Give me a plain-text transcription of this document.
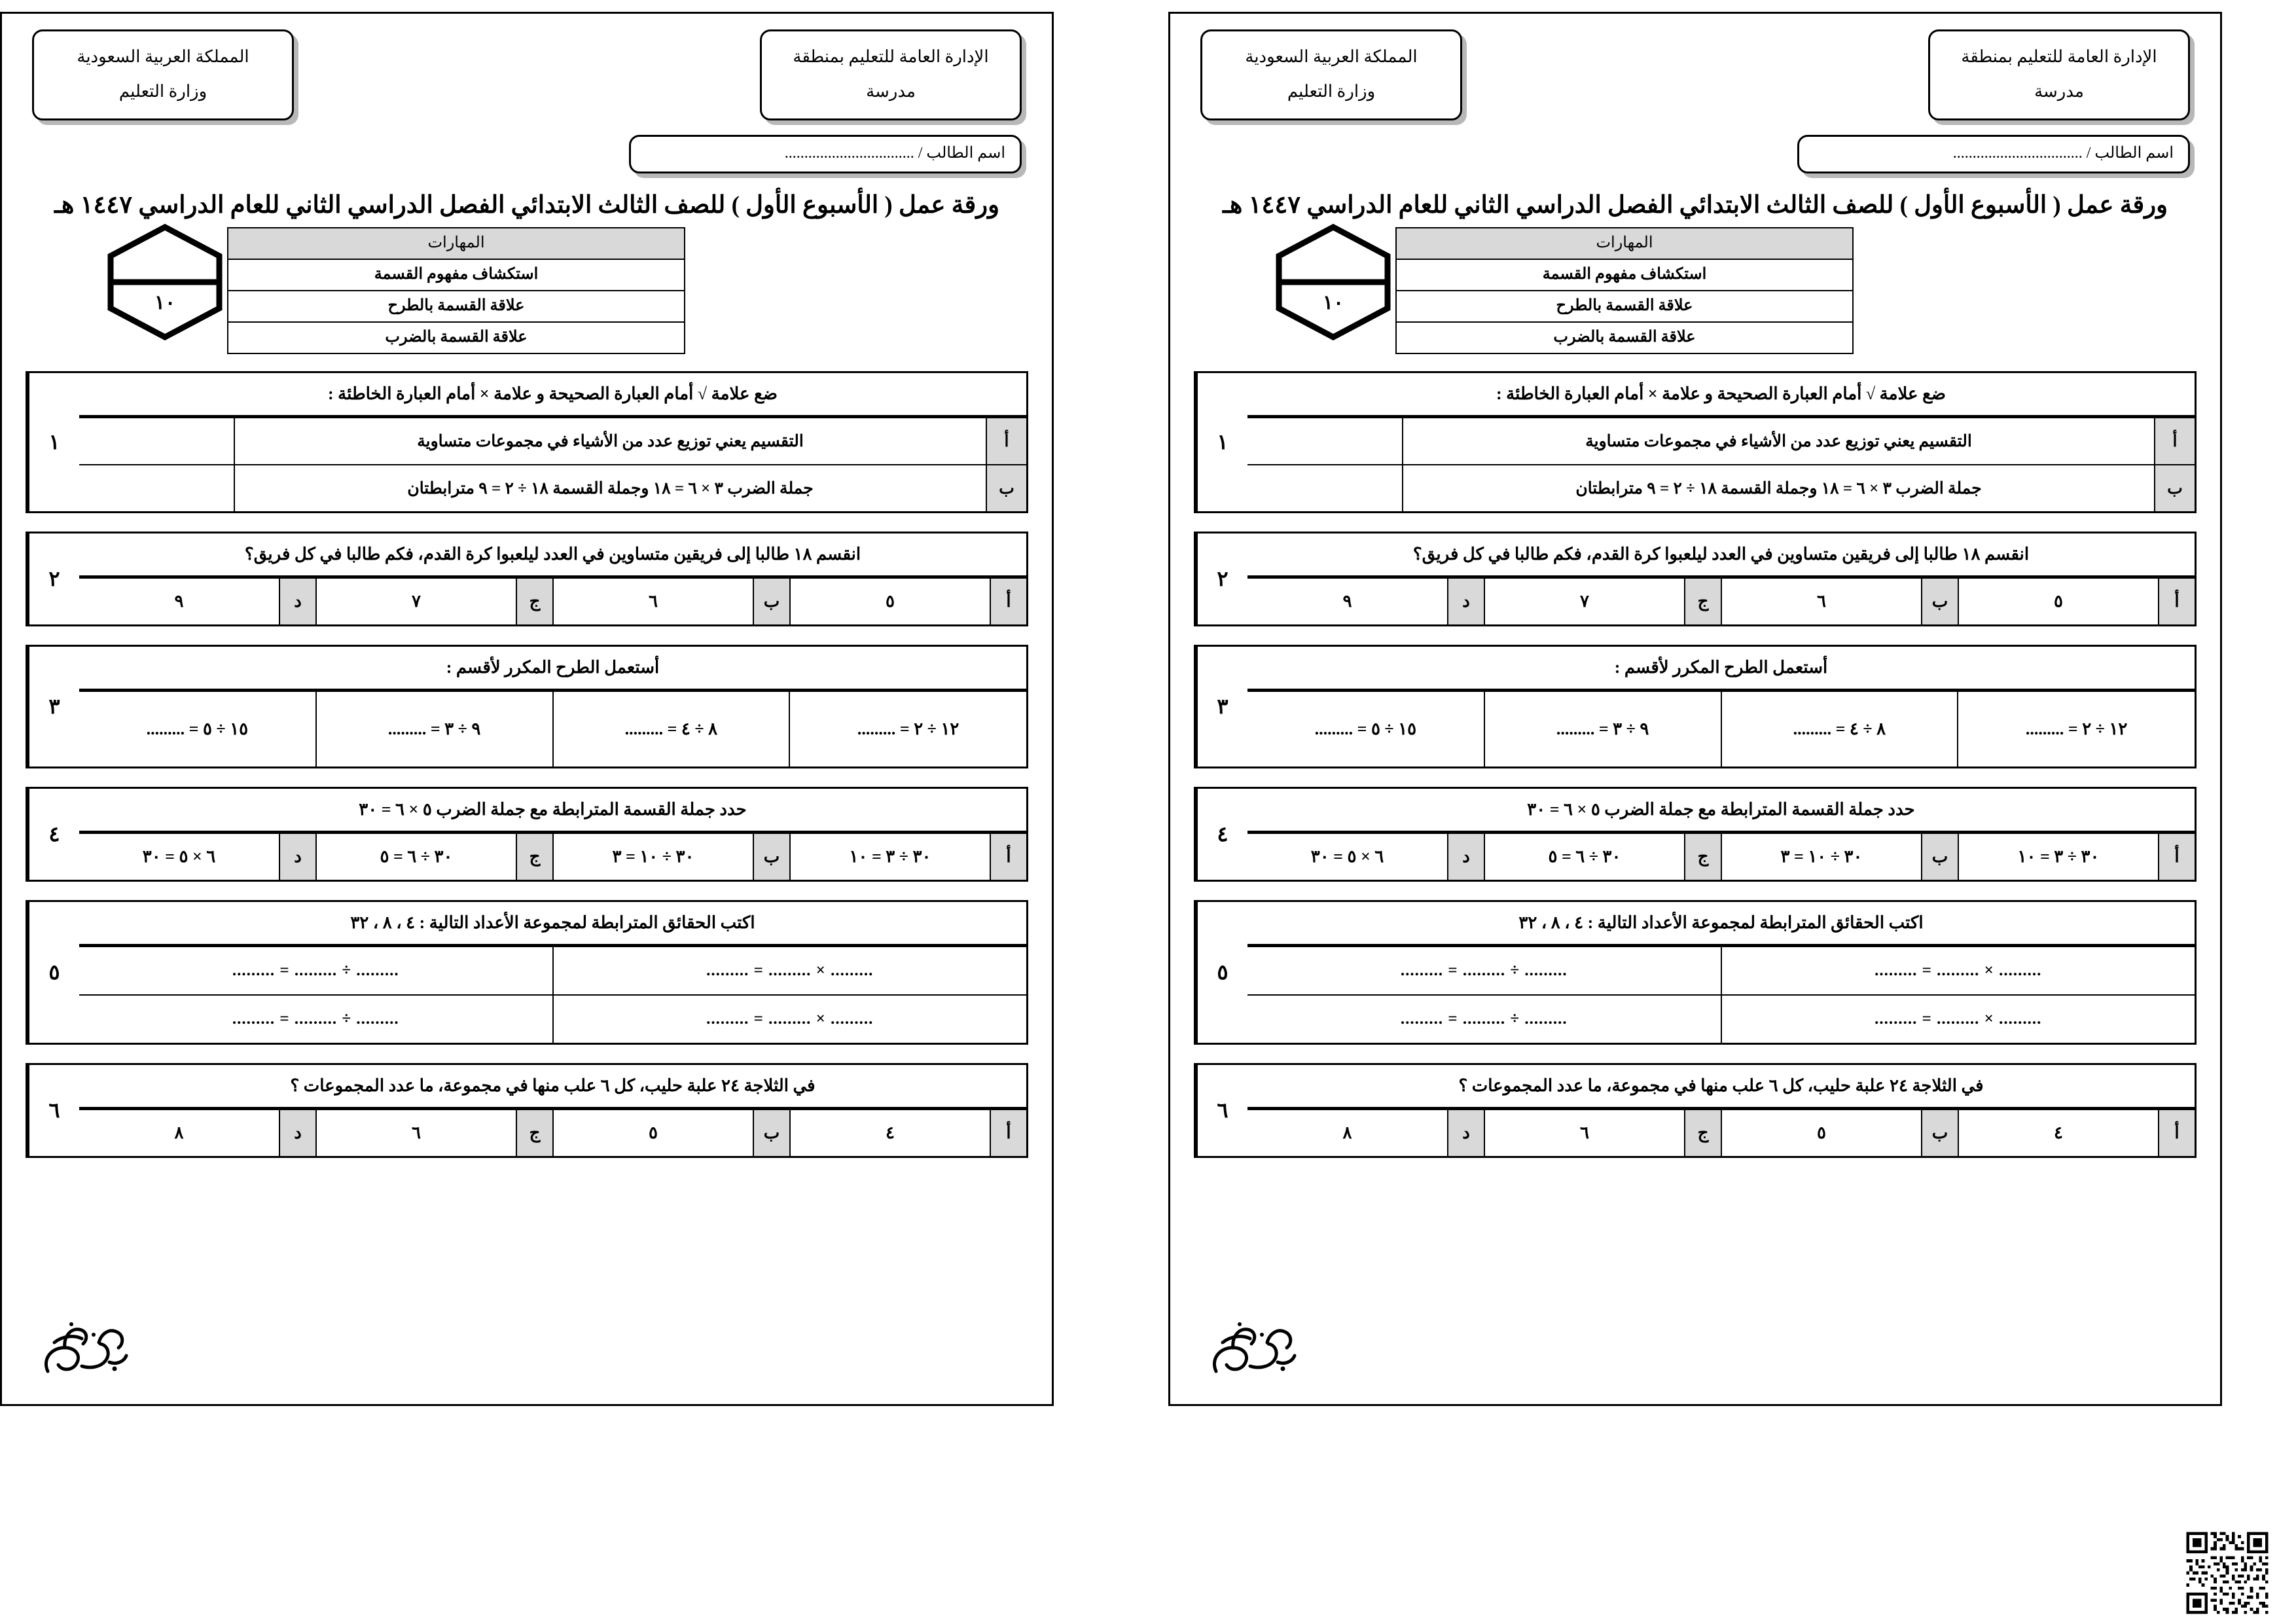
الإدارة العامة للتعليم بمنطقة
مدرسة
المملكة العربية السعودية
وزارة التعليم
اسم الطالب / .................................
ورقة عمل ( الأسبوع الأول ) للصف الثالث الابتدائي الفصل الدراسي الثاني للعام الدراسي ١٤٤٧ هـ
١٠
المهارات
استكشاف مفهوم القسمة
علاقة القسمة بالطرح
علاقة القسمة بالضرب
١
ضع علامة √ أمام العبارة الصحيحة و علامة × أمام العبارة الخاطئة :
أ	التقسيم يعني توزيع عدد من الأشياء في مجموعات متساوية	
ب	جملة الضرب ٣ × ٦ = ١٨ وجملة القسمة ١٨ ÷ ٢ = ٩ مترابطتان	
٢
انقسم ١٨ طالبا إلى فريقين متساوين في العدد ليلعبوا كرة القدم، فكم طالبا في كل فريق؟
أ	٥	ب	٦	ج	٧	د	٩
٣
أستعمل الطرح المكرر لأقسم :
١٢ ÷ ٢ = .........	٨ ÷ ٤ = .........	٩ ÷ ٣ = .........	١٥ ÷ ٥ = .........
٤
حدد جملة القسمة المترابطة مع جملة الضرب ٥ × ٦ = ٣٠
أ	٣٠ ÷ ٣ = ١٠	ب	٣٠ ÷ ١٠ = ٣	ج	٣٠ ÷ ٦ = ٥	د	٦ × ٥ = ٣٠
٥
اكتب الحقائق المترابطة لمجموعة الأعداد التالية : ٤ ، ٨ ، ٣٢
......... × ......... = .........	......... ÷ ......... = .........
......... × ......... = .........	......... ÷ ......... = .........
٦
في الثلاجة ٢٤ علبة حليب، كل ٦ علب منها في مجموعة، ما عدد المجموعات ؟
أ	٤	ب	٥	ج	٦	د	٨
الإدارة العامة للتعليم بمنطقة
مدرسة
المملكة العربية السعودية
وزارة التعليم
اسم الطالب / .................................
ورقة عمل ( الأسبوع الأول ) للصف الثالث الابتدائي الفصل الدراسي الثاني للعام الدراسي ١٤٤٧ هـ
١٠
المهارات
استكشاف مفهوم القسمة
علاقة القسمة بالطرح
علاقة القسمة بالضرب
١
ضع علامة √ أمام العبارة الصحيحة و علامة × أمام العبارة الخاطئة :
أ	التقسيم يعني توزيع عدد من الأشياء في مجموعات متساوية	
ب	جملة الضرب ٣ × ٦ = ١٨ وجملة القسمة ١٨ ÷ ٢ = ٩ مترابطتان	
٢
انقسم ١٨ طالبا إلى فريقين متساوين في العدد ليلعبوا كرة القدم، فكم طالبا في كل فريق؟
أ	٥	ب	٦	ج	٧	د	٩
٣
أستعمل الطرح المكرر لأقسم :
١٢ ÷ ٢ = .........	٨ ÷ ٤ = .........	٩ ÷ ٣ = .........	١٥ ÷ ٥ = .........
٤
حدد جملة القسمة المترابطة مع جملة الضرب ٥ × ٦ = ٣٠
أ	٣٠ ÷ ٣ = ١٠	ب	٣٠ ÷ ١٠ = ٣	ج	٣٠ ÷ ٦ = ٥	د	٦ × ٥ = ٣٠
٥
اكتب الحقائق المترابطة لمجموعة الأعداد التالية : ٤ ، ٨ ، ٣٢
......... × ......... = .........	......... ÷ ......... = .........
......... × ......... = .........	......... ÷ ......... = .........
٦
في الثلاجة ٢٤ علبة حليب، كل ٦ علب منها في مجموعة، ما عدد المجموعات ؟
أ	٤	ب	٥	ج	٦	د	٨
